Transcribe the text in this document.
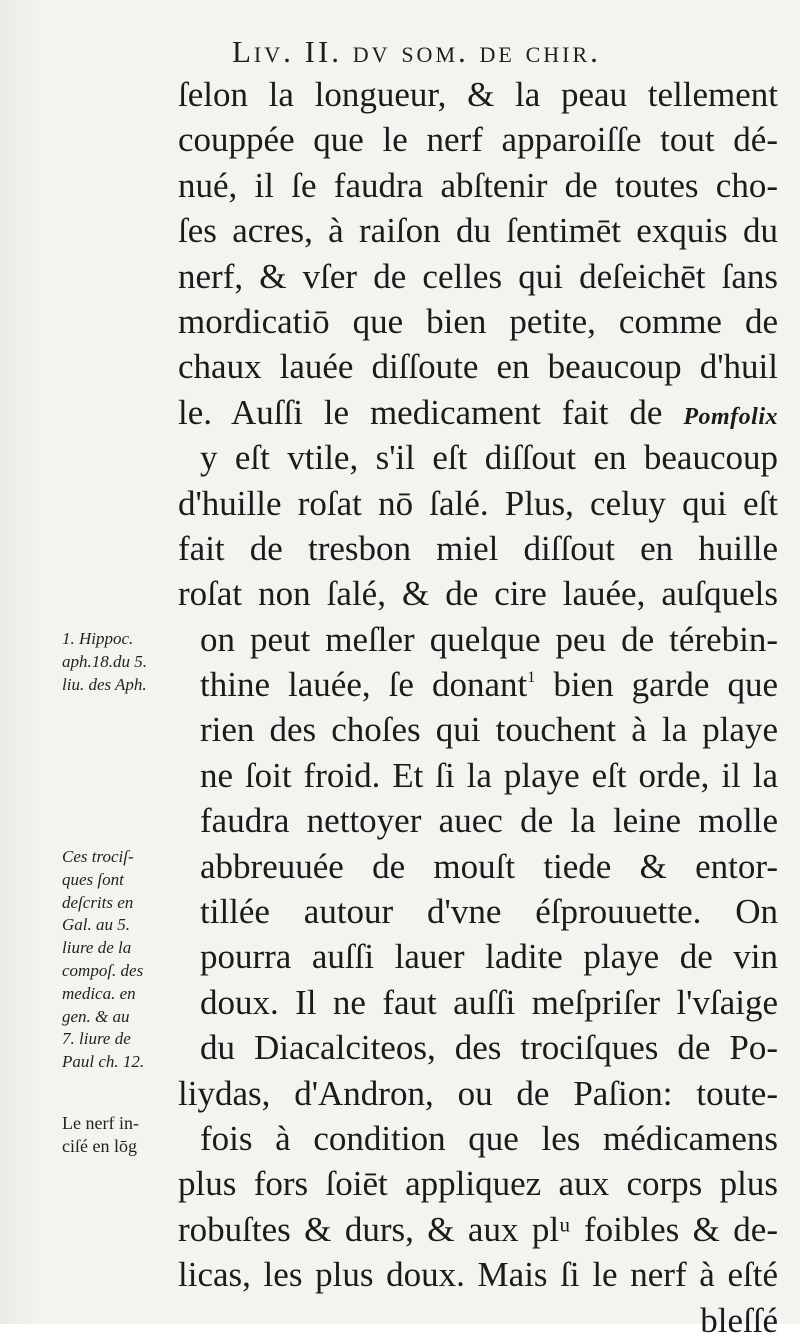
Liv. II. dv som. de chir.
ſelon la longueur, & la peau tellement
couppée que le nerf apparoiſſe tout dé-
nué, il ſe faudra abſtenir de toutes cho-
ſes acres, à raiſon du ſentimēt exquis du
nerf, & vſer de celles qui deſeichēt ſans
mordicatiō que bien petite, comme de
chaux lauée diſſoute en beaucoup d'huil
le. Auſſi le medicament fait de Pomfolix
y eſt vtile, s'il eſt diſſout en beaucoup
d'huille roſat nō ſalé. Plus, celuy qui eſt
fait de tresbon miel diſſout en huille
roſat non ſalé, & de cire lauée, auſquels
on peut meſler quelque peu de térebin-
thine lauée, ſe donant$^1$ bien garde que
rien des choſes qui touchent à la playe
ne ſoit froid. Et ſi la playe eſt orde, il la
faudra nettoyer auec de la leine molle
abbreuuée de mouſt tiede & entor-
tillée autour d'vne éſprouuette. On
pourra auſſi lauer ladite playe de vin
doux. Il ne faut auſſi meſpriſer l'vſaige
du Diacalciteos, des trociſques de Po-
liydas, d'Andron, ou de Paſion: toute-
fois à condition que les médicamens
plus fors ſoiēt appliquez aux corps plus
robuſtes & durs, & aux plᵘ foibles & de-
licas, les plus doux. Mais ſi le nerf à eſté
bleſſé
1. Hippoc.
aph.18.du 5.
liu. des Aph.
Ces trociſ-
ques ſont
deſcrits en
Gal. au 5.
liure de la
compoſ. des
medica. en
gen. & au
7. liure de
Paul ch. 12.
Le nerf in-
ciſé en lōg
